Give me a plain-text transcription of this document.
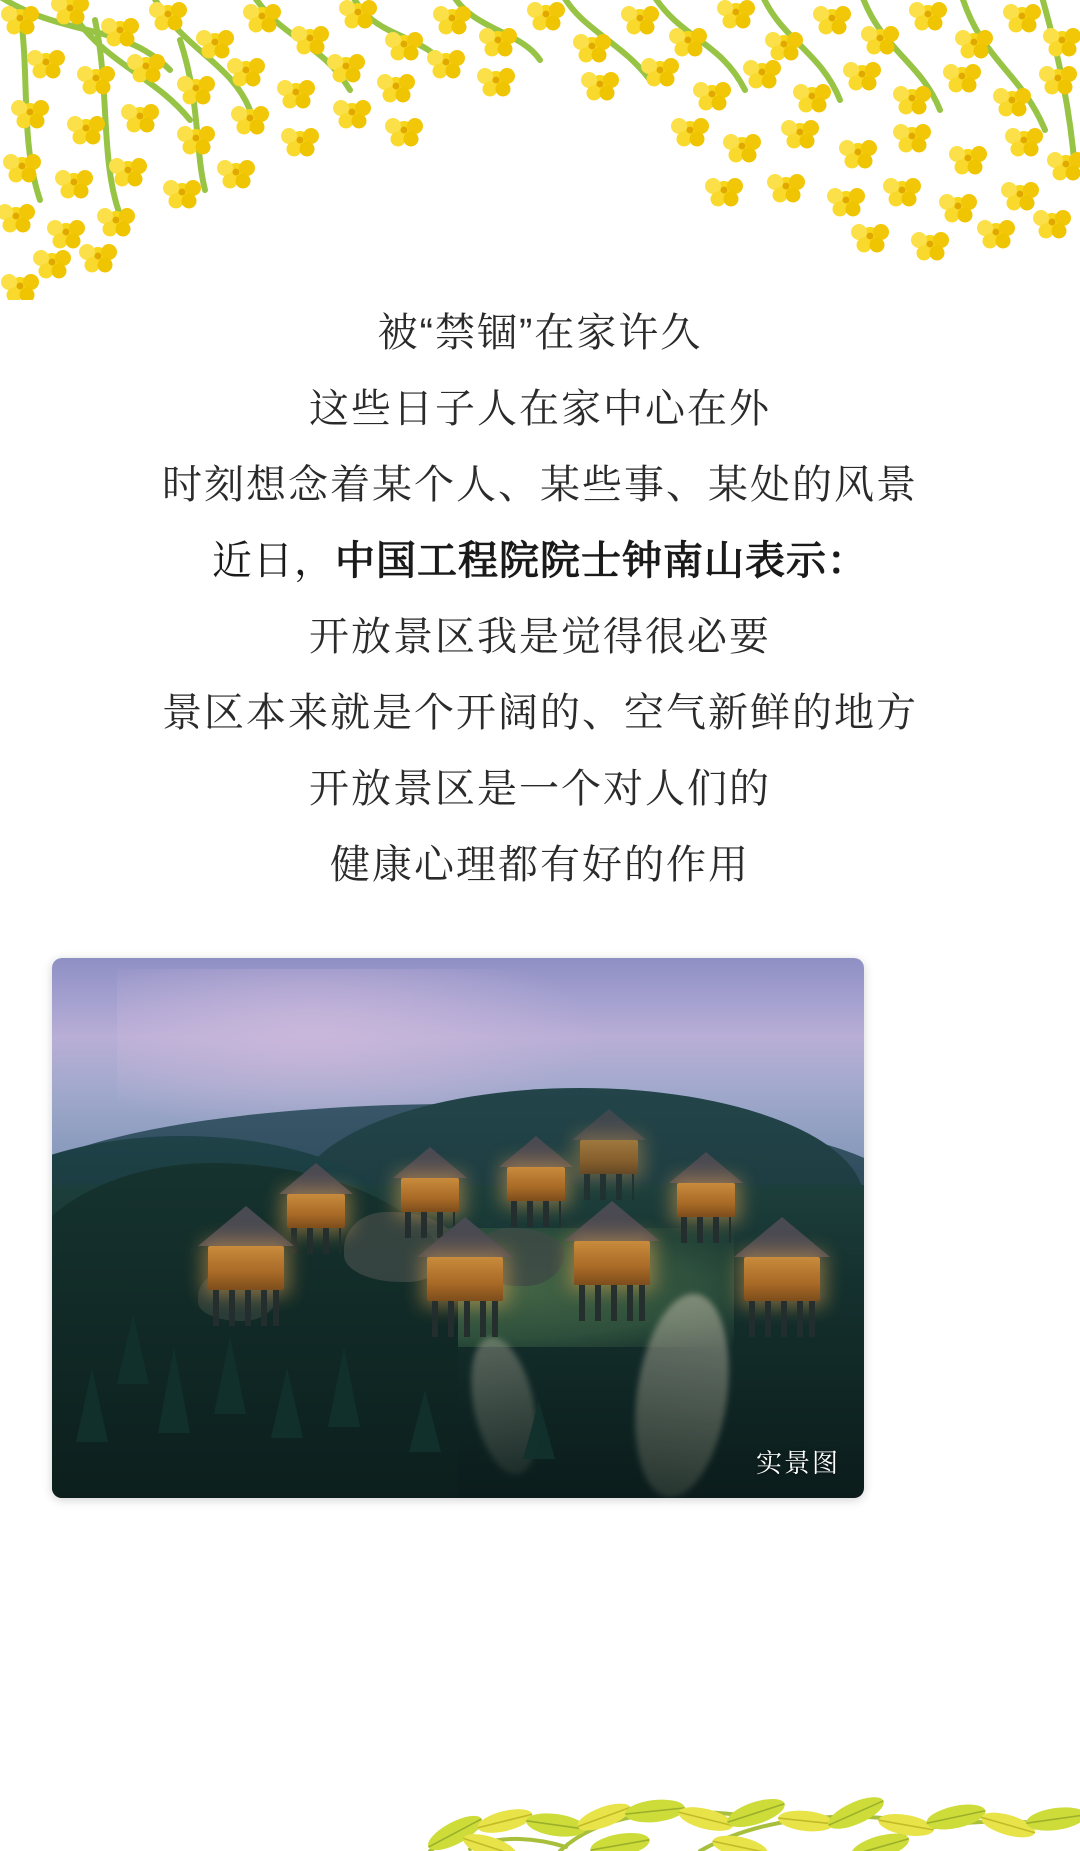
被“禁锢”在家许久
这些日子人在家中心在外
时刻想念着某个人、某些事、某处的风景
近日，中国工程院院士钟南山表示：
开放景区我是觉得很必要
景区本来就是个开阔的、空气新鲜的地方
开放景区是一个对人们的
健康心理都有好的作用
实景图
